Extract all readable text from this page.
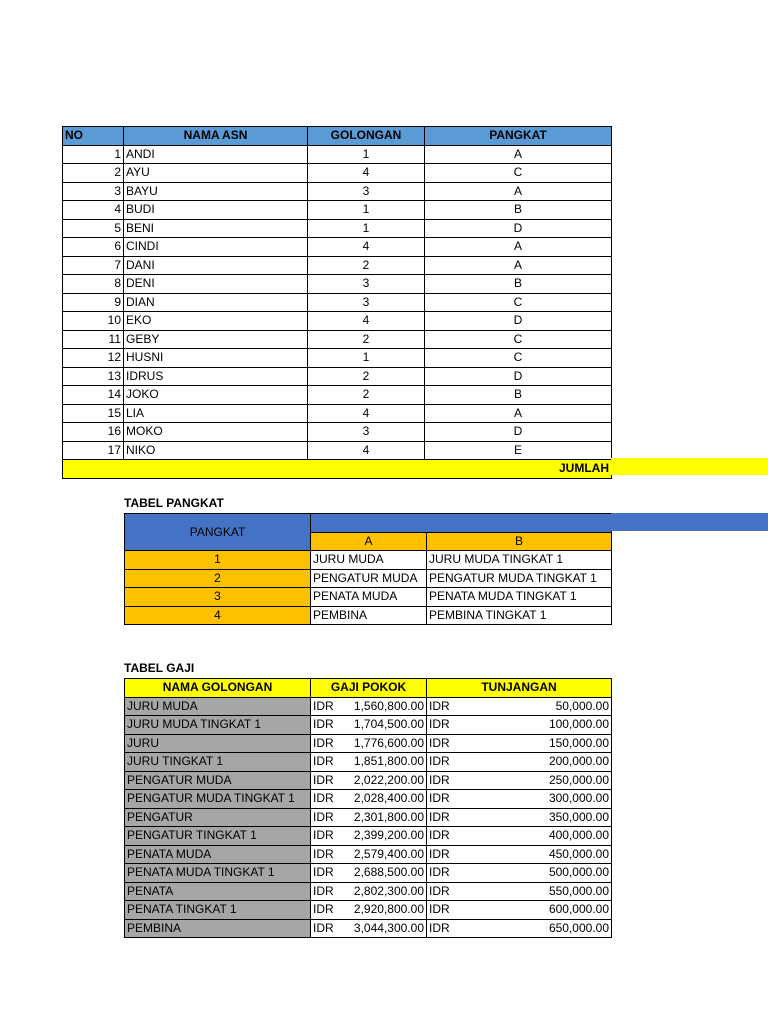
NO	NAMA ASN	GOLONGAN	PANGKAT
1	ANDI	1	A
2	AYU	4	C
3	BAYU	3	A
4	BUDI	1	B
5	BENI	1	D
6	CINDI	4	A
7	DANI	2	A
8	DENI	3	B
9	DIAN	3	C
10	EKO	4	D
11	GEBY	2	C
12	HUSNI	1	C
13	IDRUS	2	D
14	JOKO	2	B
15	LIA	4	A
16	MOKO	3	D
17	NIKO	4	E
JUMLAH			
TABEL PANGKAT
PANGKAT		
	A	B
1	JURU MUDA	JURU MUDA TINGKAT 1
2	PENGATUR MUDA	PENGATUR MUDA TINGKAT 1
3	PENATA MUDA	PENATA MUDA TINGKAT 1
4	PEMBINA	PEMBINA TINGKAT 1
TABEL GAJI
NAMA GOLONGAN	GAJI POKOK	TUNJANGAN
JURU MUDA	IDR 1,560,800.00	IDR 50,000.00

JURU MUDA TINGKAT 1	IDR 1,704,500.00	IDR 100,000.00

JURU	IDR 1,776,600.00	IDR 150,000.00

JURU TINGKAT 1	IDR 1,851,800.00	IDR 200,000.00

PENGATUR MUDA	IDR 2,022,200.00	IDR 250,000.00

PENGATUR MUDA TINGKAT 1	IDR 2,028,400.00	IDR 300,000.00

PENGATUR	IDR 2,301,800.00	IDR 350,000.00

PENGATUR TINGKAT 1	IDR 2,399,200.00	IDR 400,000.00

PENATA MUDA	IDR 2,579,400.00	IDR 450,000.00

PENATA MUDA TINGKAT 1	IDR 2,688,500.00	IDR 500,000.00

PENATA	IDR 2,802,300.00	IDR 550,000.00

PENATA TINGKAT 1	IDR 2,920,800.00	IDR 600,000.00

PEMBINA	IDR 3,044,300.00	IDR 650,000.00
